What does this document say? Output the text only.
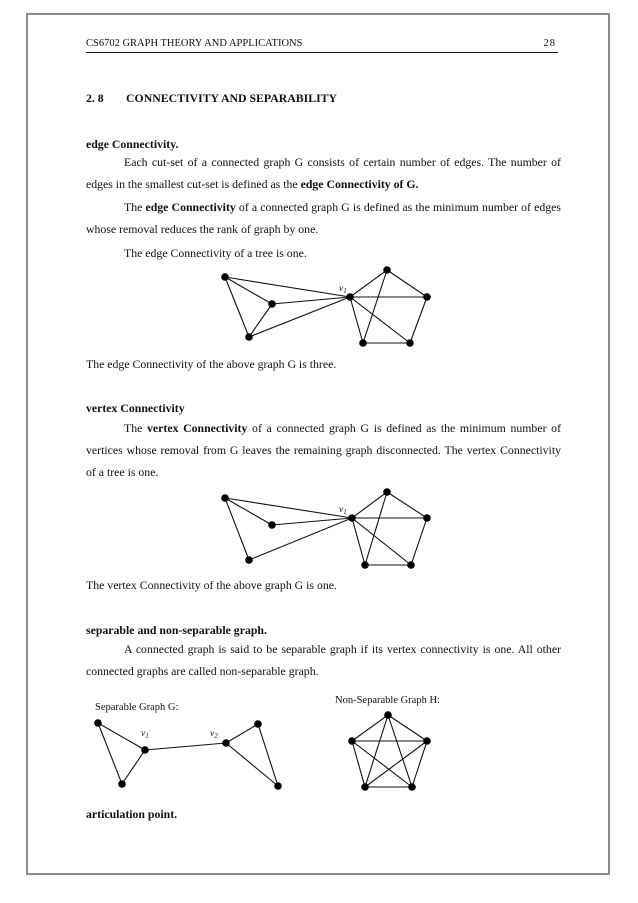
CS6702 GRAPH THEORY AND APPLICATIONS	28
2. 8 CONNECTIVITY AND SEPARABILITY
edge Connectivity.
Each cut-set of a connected graph G consists of certain number of edges. The number of edges in the smallest cut-set is defined as the edge Connectivity of G.
The edge Connectivity of a connected graph G is defined as the minimum number of edges whose removal reduces the rank of graph by one.
The edge Connectivity of a tree is one.
$v_1$
$v_1$
Separable Graph G:
$v_1$	$v_2$
Non-Separable Graph H:
The edge Connectivity of the above graph G is three.
vertex Connectivity
The vertex Connectivity of a connected graph G is defined as the minimum number of vertices whose removal from G leaves the remaining graph disconnected. The vertex Connectivity of a tree is one.
The vertex Connectivity of the above graph G is one.
separable and non-separable graph.
A connected graph is said to be separable graph if its vertex connectivity is one. All other connected graphs are called non-separable graph.
articulation point.
